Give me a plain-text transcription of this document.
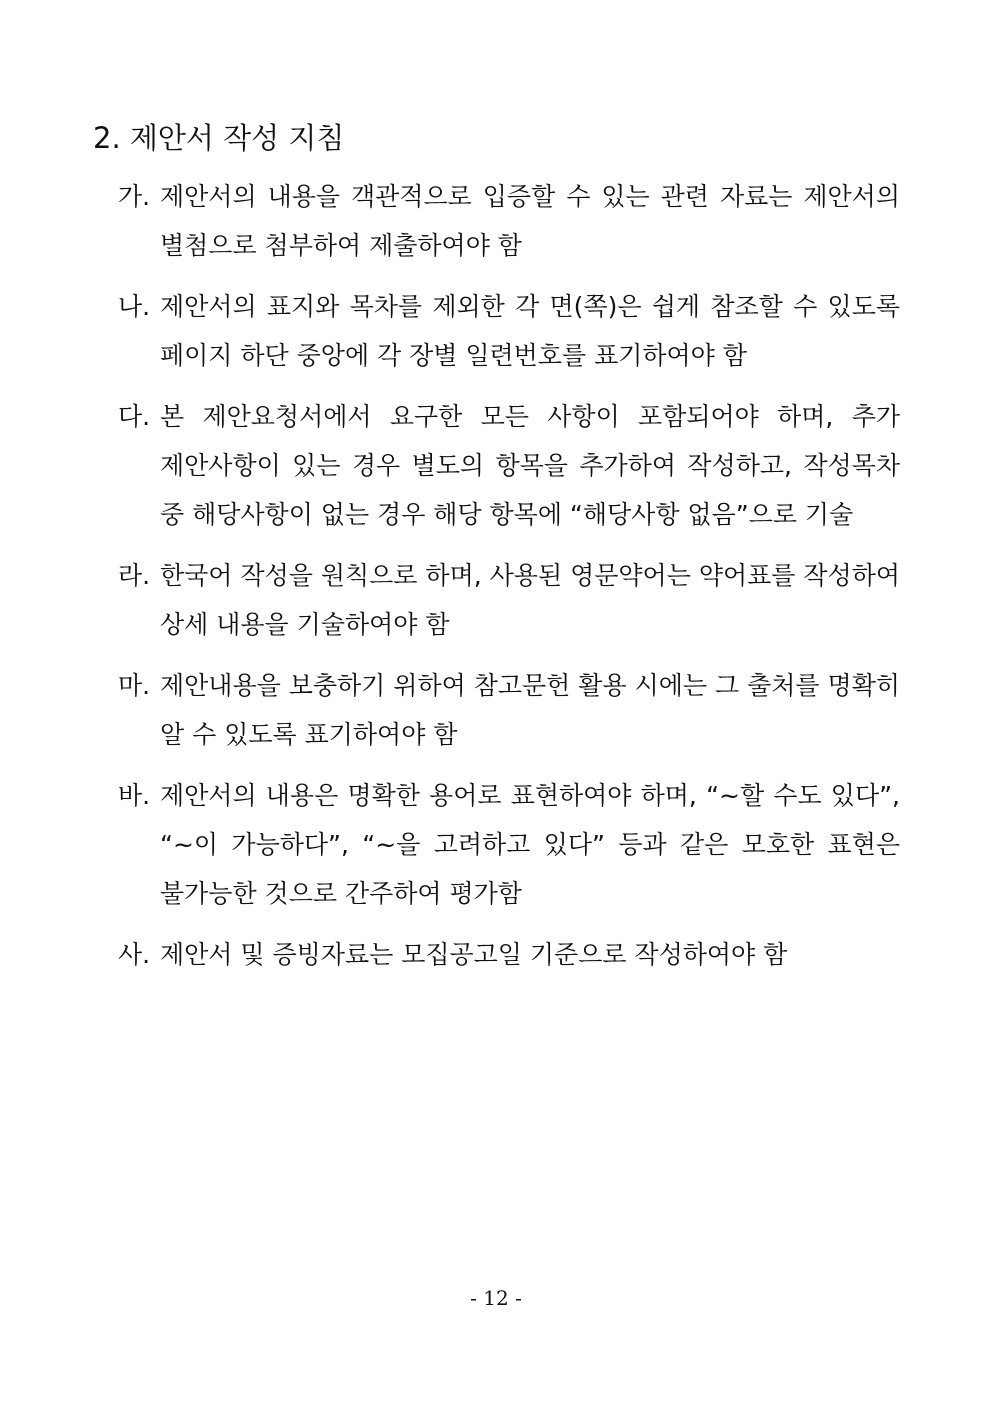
2. 제안서 작성 지침
가. 제안서의 내용을 객관적으로 입증할 수 있는 관련 자료는 제안서의 별첨으로 첨부하여 제출하여야 함
나. 제안서의 표지와 목차를 제외한 각 면(쪽)은 쉽게 참조할 수 있도록 페이지 하단 중앙에 각 장별 일련번호를 표기하여야 함
다. 본 제안요청서에서 요구한 모든 사항이 포함되어야 하며, 추가 제안사항이 있는 경우 별도의 항목을 추가하여 작성하고, 작성목차 중 해당사항이 없는 경우 해당 항목에 “해당사항 없음”으로 기술
라. 한국어 작성을 원칙으로 하며, 사용된 영문약어는 약어표를 작성하여 상세 내용을 기술하여야 함
마. 제안내용을 보충하기 위하여 참고문헌 활용 시에는 그 출처를 명확히 알 수 있도록 표기하여야 함
바. 제안서의 내용은 명확한 용어로 표현하여야 하며, “~할 수도 있다”, “~이 가능하다”, “~을 고려하고 있다” 등과 같은 모호한 표현은 불가능한 것으로 간주하여 평가함
사. 제안서 및 증빙자료는 모집공고일 기준으로 작성하여야 함
- 12 -
